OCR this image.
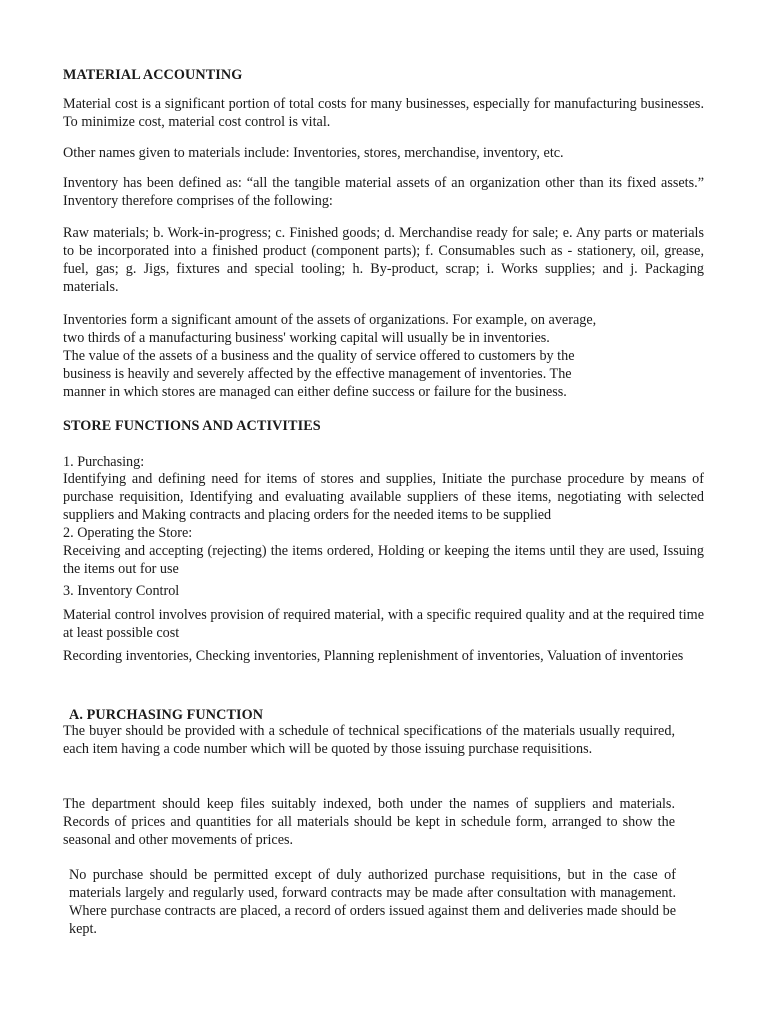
MATERIAL ACCOUNTING

Material cost is a significant portion of total costs for many businesses, especially for manufacturing businesses. To minimize cost, material cost control is vital.

Other names given to materials include: Inventories, stores, merchandise, inventory, etc.

Inventory has been defined as: “all the tangible material assets of an organization other than its fixed assets.” Inventory therefore comprises of the following:

Raw materials; b. Work-in-progress; c. Finished goods; d. Merchandise ready for sale; e. Any parts or materials to be incorporated into a finished product (component parts); f. Consumables such as - stationery, oil, grease, fuel, gas; g. Jigs, fixtures and special tooling; h. By-product, scrap; i. Works supplies; and j. Packaging materials.

Inventories form a significant amount of the assets of organizations. For example, on average,
two thirds of a manufacturing business' working capital will usually be in inventories.
The value of the assets of a business and the quality of service offered to customers by the
business is heavily and severely affected by the effective management of inventories. The
manner in which stores are managed can either define success or failure for the business.
STORE FUNCTIONS AND ACTIVITIES
1. Purchasing:

Identifying and defining need for items of stores and supplies, Initiate the purchase procedure by means of purchase requisition, Identifying and evaluating available suppliers of these items, negotiating with selected suppliers and Making contracts and placing orders for the needed items to be supplied

2. Operating the Store:

Receiving and accepting (rejecting) the items ordered, Holding or keeping the items until they are used, Issuing the items out for use

3. Inventory Control

Material control involves provision of required material, with a specific required quality and at the required time at least possible cost

Recording inventories, Checking inventories, Planning replenishment of inventories, Valuation of inventories

A. PURCHASING FUNCTION

The buyer should be provided with a schedule of technical specifications of the materials usually required, each item having a code number which will be quoted by those issuing purchase requisitions.

The department should keep files suitably indexed, both under the names of suppliers and materials. Records of prices and quantities for all materials should be kept in schedule form, arranged to show the seasonal and other movements of prices.

No purchase should be permitted except of duly authorized purchase requisitions, but in the case of materials largely and regularly used, forward contracts may be made after consultation with management. Where purchase contracts are placed, a record of orders issued against them and deliveries made should be kept.
